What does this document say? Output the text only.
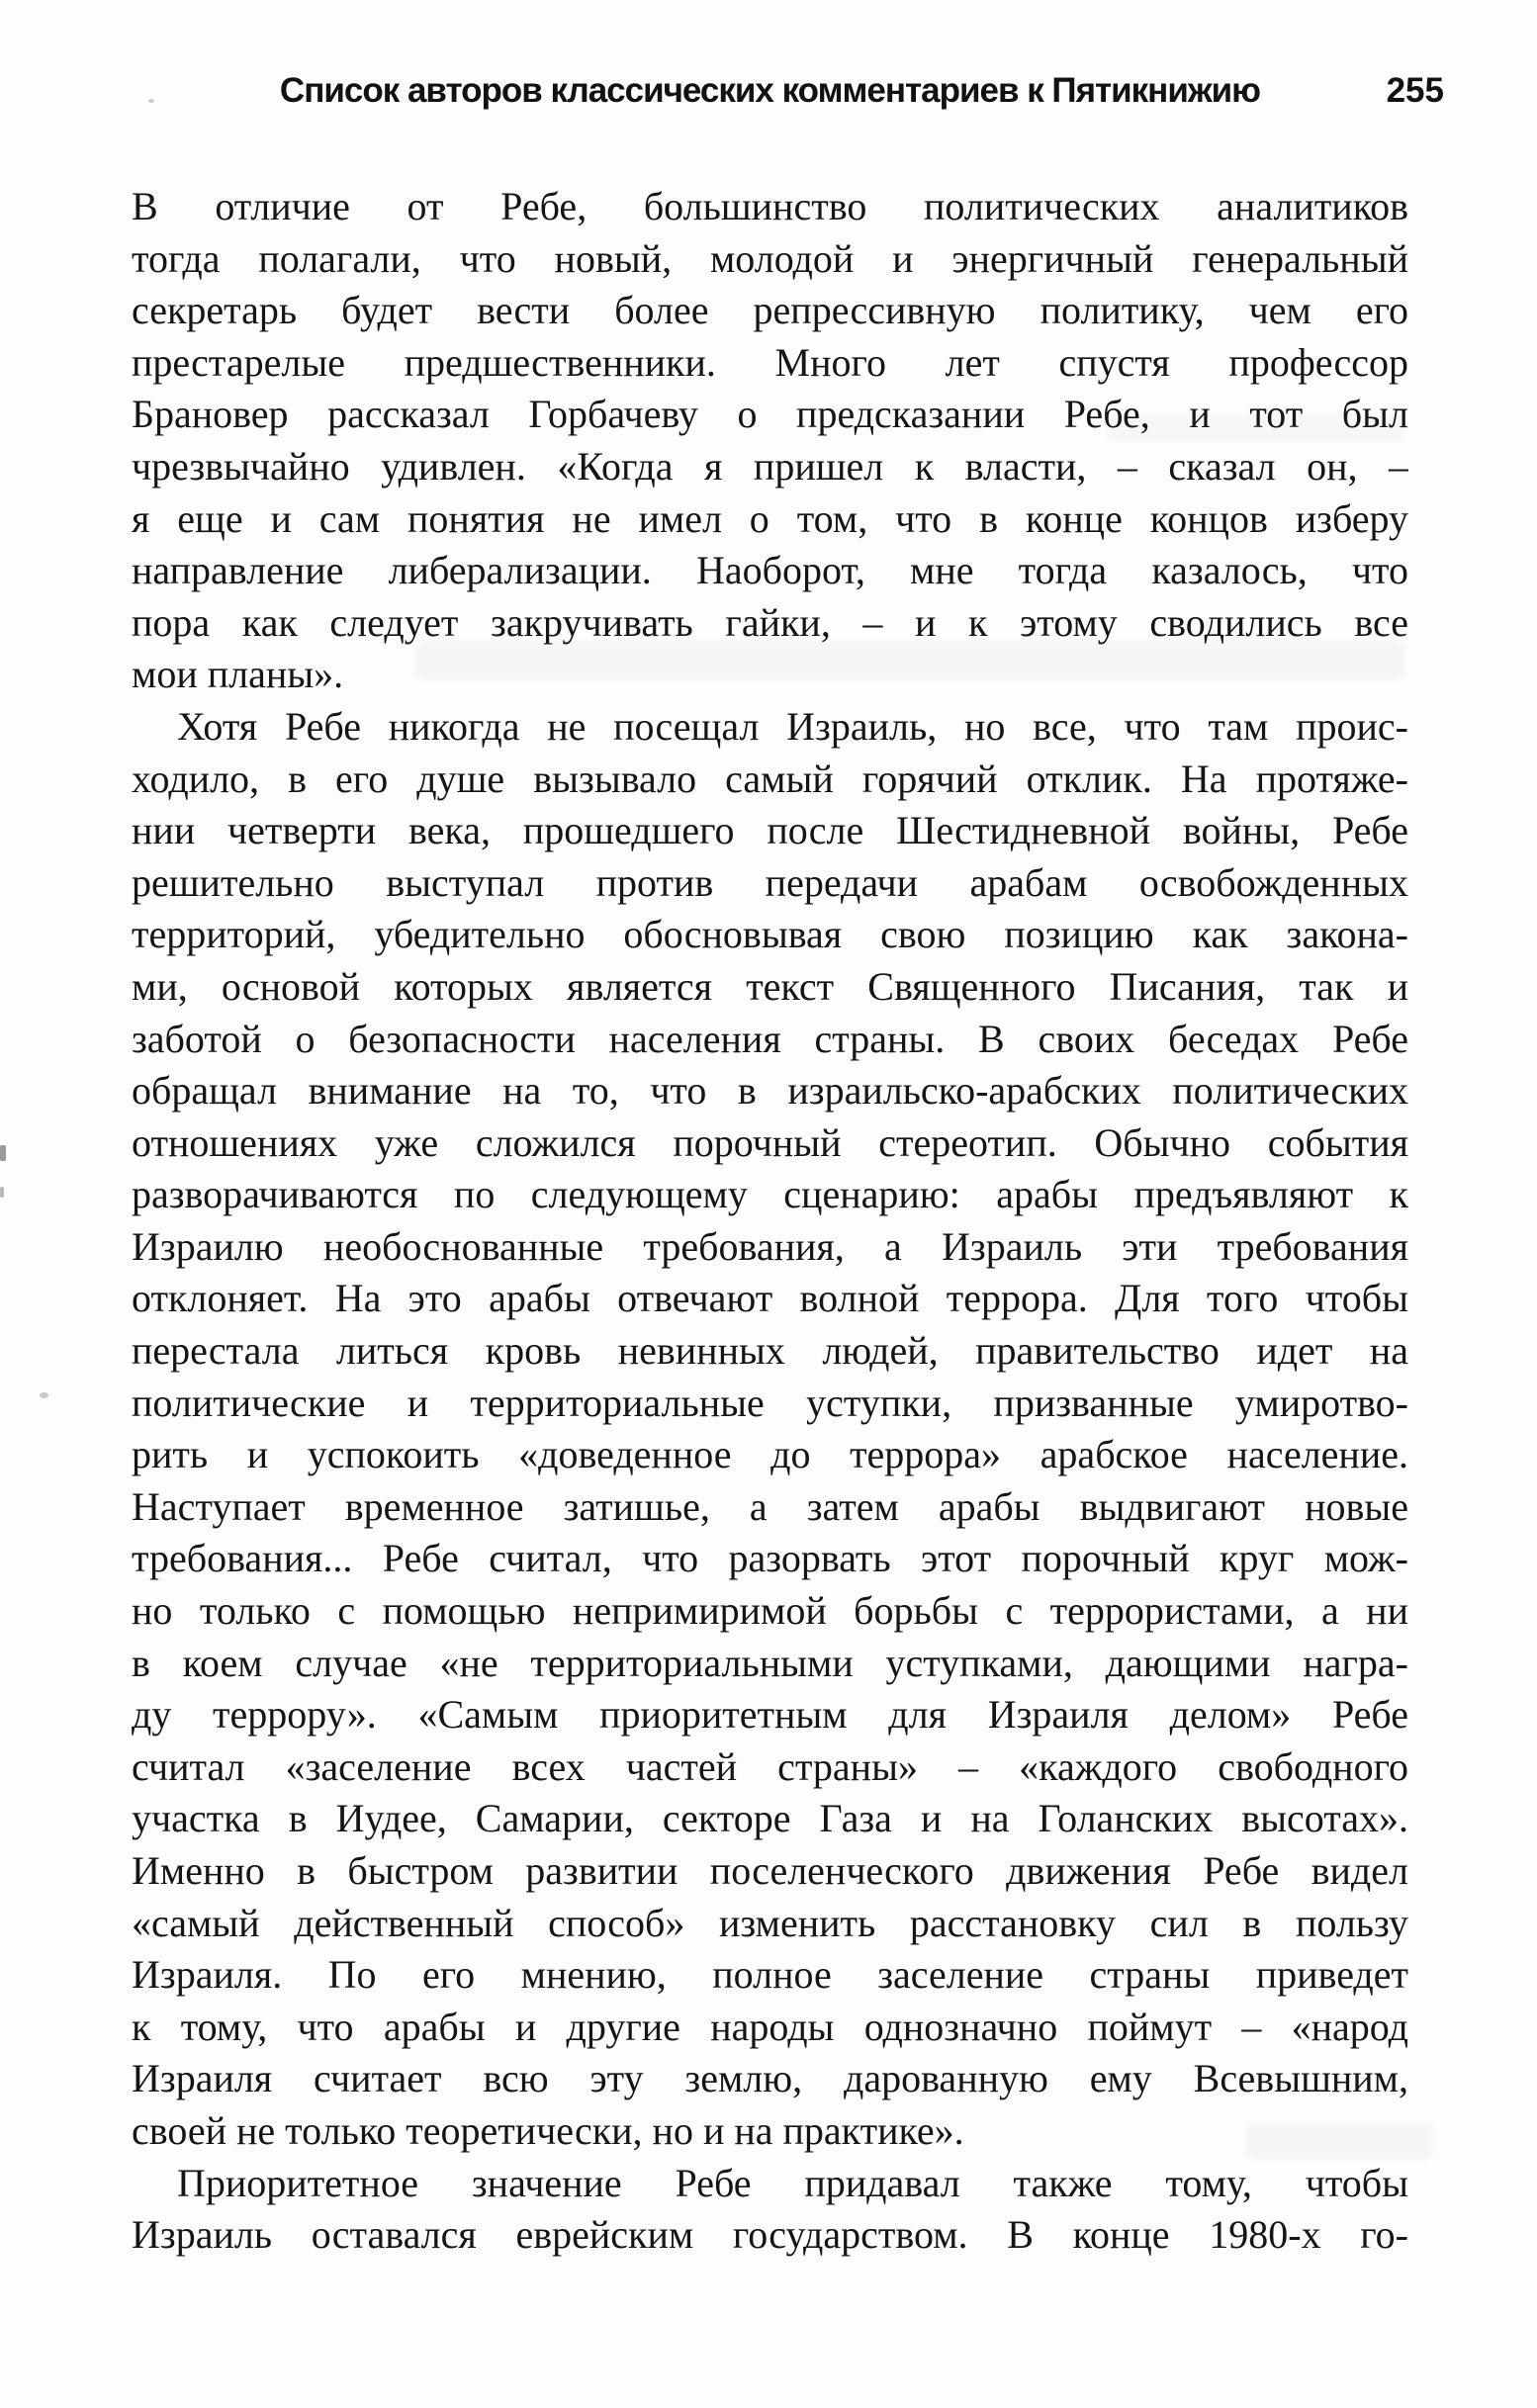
Список авторов классических комментариев к Пятикнижию	255

В отличие от Ребе, большинство политических аналитиков
тогда полагали, что новый, молодой и энергичный генеральный
секретарь будет вести более репрессивную политику, чем его
престарелые предшественники. Много лет спустя профессор
Брановер рассказал Горбачеву о предсказании Ребе, и тот был
чрезвычайно удивлен. «Когда я пришел к власти, – сказал он, –
я еще и сам понятия не имел о том, что в конце концов изберу
направление либерализации. Наоборот, мне тогда казалось, что
пора как следует закручивать гайки, – и к этому сводились все
мои планы».

Хотя Ребе никогда не посещал Израиль, но все, что там проис-
ходило, в его душе вызывало самый горячий отклик. На протяже-
нии четверти века, прошедшего после Шестидневной войны, Ребе
решительно выступал против передачи арабам освобожденных
территорий, убедительно обосновывая свою позицию как закона-
ми, основой которых является текст Священного Писания, так и
заботой о безопасности населения страны. В своих беседах Ребе
обращал внимание на то, что в израильско-арабских политических
отношениях уже сложился порочный стереотип. Обычно события
разворачиваются по следующему сценарию: арабы предъявляют к
Израилю необоснованные требования, а Израиль эти требования
отклоняет. На это арабы отвечают волной террора. Для того чтобы
перестала литься кровь невинных людей, правительство идет на
политические и территориальные уступки, призванные умиротво-
рить и успокоить «доведенное до террора» арабское население.
Наступает временное затишье, а затем арабы выдвигают новые
требования... Ребе считал, что разорвать этот порочный круг мож-
но только с помощью непримиримой борьбы с террористами, а ни
в коем случае «не территориальными уступками, дающими награ-
ду террору». «Самым приоритетным для Израиля делом» Ребе
считал «заселение всех частей страны» – «каждого свободного
участка в Иудее, Самарии, секторе Газа и на Голанских высотах».
Именно в быстром развитии поселенческого движения Ребе видел
«самый действенный способ» изменить расстановку сил в пользу
Израиля. По его мнению, полное заселение страны приведет
к тому, что арабы и другие народы однозначно поймут – «народ
Израиля считает всю эту землю, дарованную ему Всевышним,
своей не только теоретически, но и на практике».

Приоритетное значение Ребе придавал также тому, чтобы
Израиль оставался еврейским государством. В конце 1980-х го-
